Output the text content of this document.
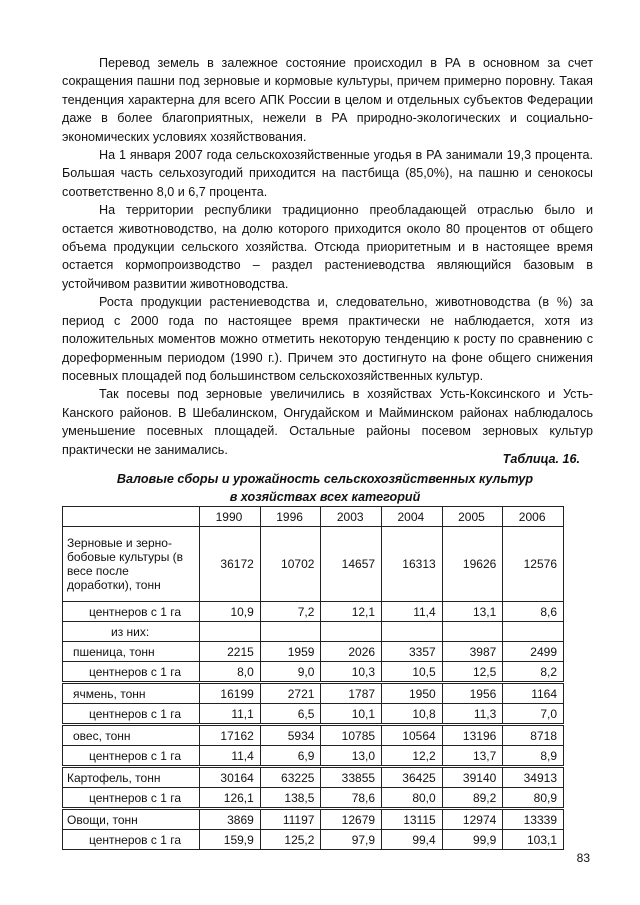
Перевод земель в залежное состояние происходил в РА в основном за счет сокращения пашни под зерновые и кормовые культуры, причем примерно поровну. Такая тенденция характерна для всего АПК России в целом и отдельных субъектов Федерации даже в более благоприятных, нежели в РА природно-экологических и социально-экономических условиях хозяйствования.

На 1 января 2007 года сельскохозяйственные угодья в РА занимали 19,3 процента. Большая часть сельхозугодий приходится на пастбища (85,0%), на пашню и сенокосы соответственно 8,0 и 6,7 процента.

На территории республики традиционно преобладающей отраслью было и остается животноводство, на долю которого приходится около 80 процентов от общего объема продукции сельского хозяйства. Отсюда приоритетным и в настоящее время остается кормопроизводство – раздел растениеводства являющийся базовым в устойчивом развитии животноводства.

Роста продукции растениеводства и, следовательно, животноводства (в %) за период с 2000 года по настоящее время практически не наблюдается, хотя из положительных моментов можно отметить некоторую тенденцию к росту по сравнению с дореформенным периодом (1990 г.). Причем это достигнуто на фоне общего снижения посевных площадей под большинством сельскохозяйственных культур.

Так посевы под зерновые увеличились в хозяйствах Усть-Коксинского и Усть-Канского районов. В Шебалинском, Онгудайском и Майминском районах наблюдалось уменьшение посевных площадей. Остальные районы посевом зерновых культур практически не занимались.

Таблица. 16.
Валовые сборы и урожайность сельскохозяйственных культур
в хозяйствах всех категорий
	1990	1996	2003	2004	2005	2006
Зерновые и зерно-бобовые культуры (в весе после доработки), тонн	36172	10702	14657	16313	19626	12576
центнеров с 1 га	10,9	7,2	12,1	11,4	13,1	8,6
из них:						
пшеница, тонн	2215	1959	2026	3357	3987	2499
центнеров с 1 га	8,0	9,0	10,3	10,5	12,5	8,2
ячмень, тонн	16199	2721	1787	1950	1956	1164
центнеров с 1 га	11,1	6,5	10,1	10,8	11,3	7,0
овес, тонн	17162	5934	10785	10564	13196	8718
центнеров с 1 га	11,4	6,9	13,0	12,2	13,7	8,9
Картофель, тонн	30164	63225	33855	36425	39140	34913
центнеров с 1 га	126,1	138,5	78,6	80,0	89,2	80,9
Овощи, тонн	3869	11197	12679	13115	12974	13339
центнеров с 1 га	159,9	125,2	97,9	99,4	99,9	103,1
83
